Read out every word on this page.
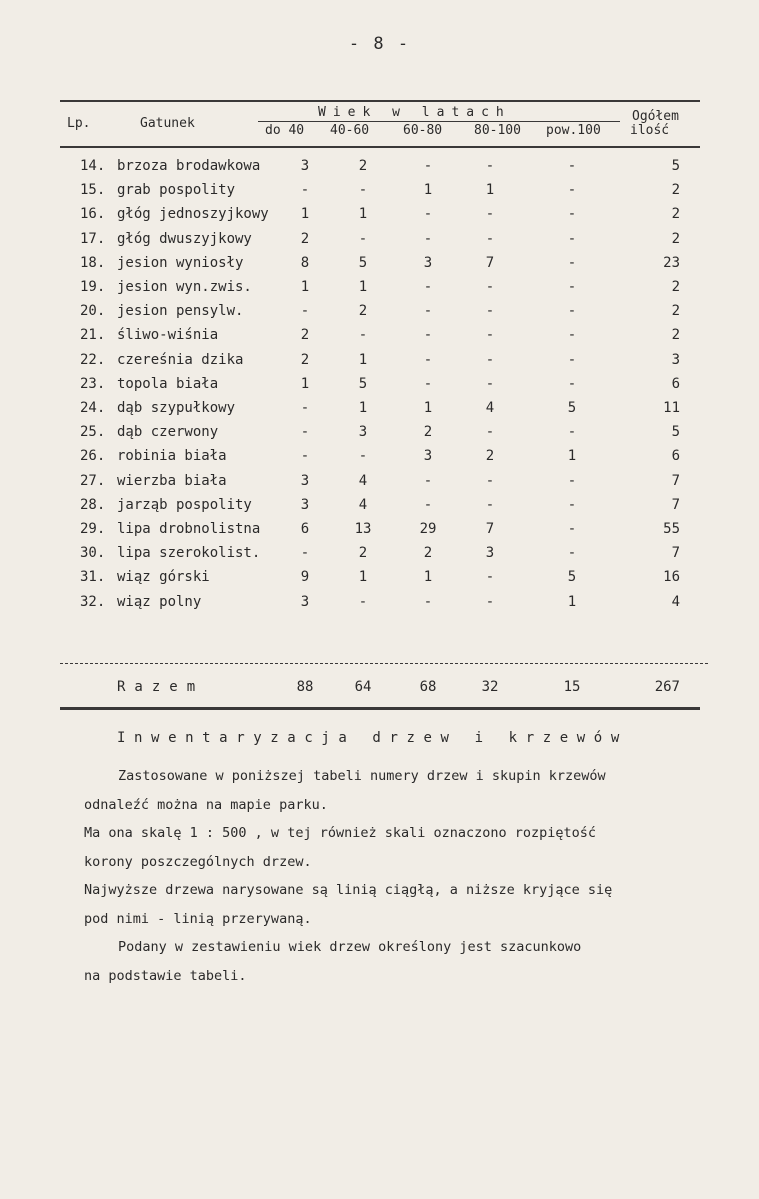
- 8 -
Lp.	Gatunek
Wiek w latach
do 40 40-60	60-80 80-100 pow.100
Ogółem
ilość
14. brzoza brodawkowa	3	2	-	-	-	5
15. grab pospolity	-	-	1	1	-	2
16. głóg jednoszyjkowy 1	1	-	-	-	2
17. głóg dwuszyjkowy	2	-	-	-	-	2
18. jesion wyniosły	8	5	3	7	-	23
19. jesion wyn.zwis.	1	1	-	-	-	2
20. jesion pensylw.	-	2	-	-	-	2
21. śliwo-wiśnia	2	-	-	-	-	2
22. czereśnia dzika	2	1	-	-	-	3
23. topola biała	1	5	-	-	-	6
24. dąb szypułkowy	-	1	1	4	5	11
25. dąb czerwony	-	3	2	-	-	5
26. robinia biała	-	-	3	2	1	6
27. wierzba biała	3	4	-	-	-	7
28. jarząb pospolity	3	4	-	-	-	7
29. lipa drobnolistna	6	13	29	7	-	55
30. lipa szerokolist.	-	2	2	3	-	7
31. wiąz górski	9	1	1	-	5	16
32. wiąz polny	3	-	-	-	1	4
Razem	88	64	68	32	15	267
Inwentaryzacja drzew i krzewów
Zastosowane w poniższej tabeli numery drzew i skupin krzewów
odnaleźć można na mapie parku.
Ma ona skalę 1 : 500 , w tej również skali oznaczono rozpiętość
korony poszczególnych drzew.
Najwyższe drzewa narysowane są linią ciągłą, a niższe kryjące się
pod nimi - linią przerywaną.
Podany w zestawieniu wiek drzew określony jest szacunkowo
na podstawie tabeli.
